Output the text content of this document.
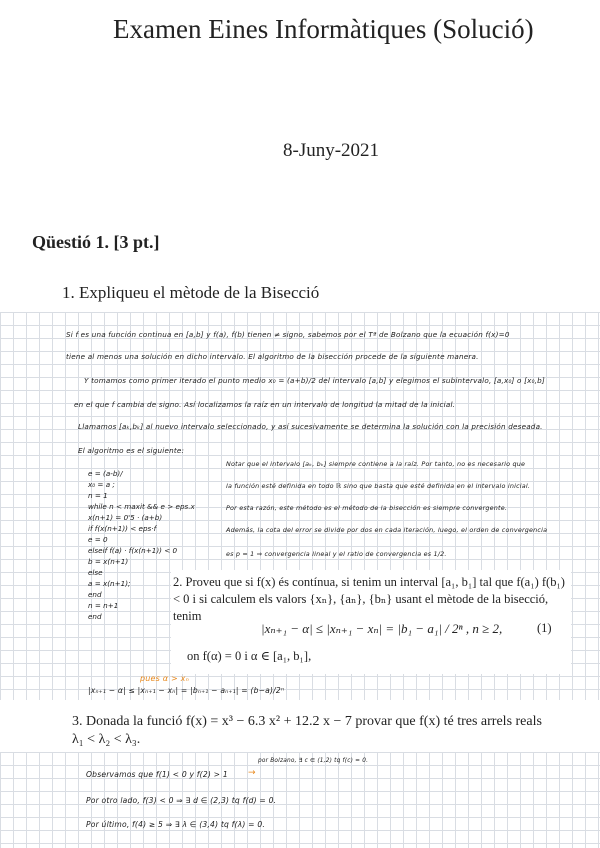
Examen Eines Informàtiques (Solució)
8-Juny-2021
Qüestió 1. [3 pt.]
1. Expliqueu el mètode de la Bisecció
Si f es una función continua en [a,b] y f(a), f(b) tienen ≠ signo, sabemos por el Tª de Bolzano que la ecuación f(x)=0
tiene al menos una solución en dicho intervalo. El algoritmo de la bisección procede de la siguiente manera.
Y tomamos como primer iterado el punto medio x₀ = (a+b)/2 del intervalo [a,b] y elegimos el subintervalo, [a,x₀] o [x₀,b]
en el que f cambia de signo. Así localizamos la raíz en un intervalo de longitud la mitad de la inicial.
Llamamos [aₖ,bₖ] al nuevo intervalo seleccionado, y así sucesivamente se determina la solución con la precisión deseada.
El algoritmo es el siguiente:
e = (a-b)/
x₀ = a ;
n = 1
while n < maxit && e > eps.x
x(n+1) = 0'5 · (a+b)
if f(x(n+1)) < eps·f
e = 0
elseif f(a) · f(x(n+1)) < 0
b = x(n+1)
else
a = x(n+1);
end
n = n+1
end
Notar que el intervalo [aₖ, bₖ] siempre contiene a la raíz. Por tanto, no es necesario que
la función esté definida en todo ℝ sino que basta que esté definida en el intervalo inicial.
Por esta razón, este método es el método de la bisección es siempre convergente.
Además, la cota del error se divide por dos en cada iteración, luego, el orden de convergencia
es p = 1 ⇒ convergencia lineal y el ratio de convergencia es 1/2.
pues α > xₙ
|xₙ₊₁ − α| ≤ |xₙ₊₁ − xₙ| = |bₙ₊₁ − aₙ₊₁| = (b−a)/2ⁿ
2. Proveu que si f(x) és contínua, si tenim un interval [a₁, b₁] tal que f(a₁) f(b₁) < 0 i si calculem els valors {xₙ}, {aₙ}, {bₙ} usant el mètode de la bisecció, tenim
|xₙ₊₁ − α| ≤ |xₙ₊₁ − xₙ| = |b₁ − a₁| / 2ⁿ , n ≥ 2,	(1)
on f(α) = 0 i α ∈ [a₁, b₁],
3. Donada la funció f(x) = x³ − 6.3 x² + 12.2 x − 7 provar que f(x) té tres arrels reals λ₁ < λ₂ < λ₃.
Observamos que f(1) < 0 y f(2) > 1
por Bolzano, ∃ c ∈ (1,2) tq f(c) = 0.
→
Por otro lado, f(3) < 0 ⇒ ∃ d ∈ (2,3) tq f(d) = 0.
Por último, f(4) ≥ 5 ⇒ ∃ λ ∈ (3,4) tq f(λ) = 0.
